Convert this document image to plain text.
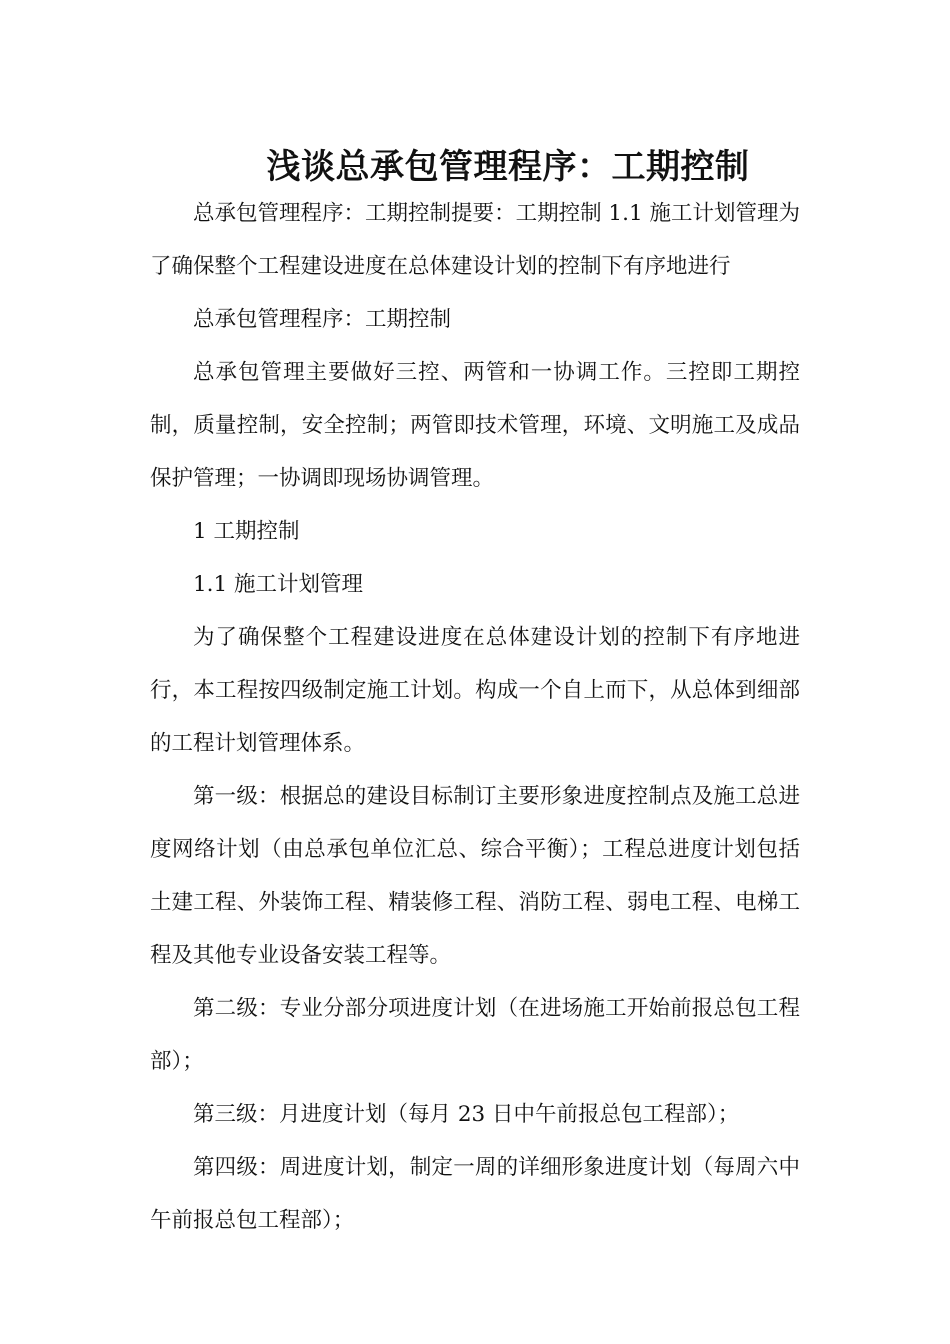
浅谈总承包管理程序：工期控制

总承包管理程序：工期控制提要：工期控制 1.1 施工计划管理为了确保整个工程建设进度在总体建设计划的控制下有序地进行

总承包管理程序：工期控制

总承包管理主要做好三控、两管和一协调工作。三控即工期控制，质量控制，安全控制；两管即技术管理，环境、文明施工及成品保护管理；一协调即现场协调管理。

1 工期控制

1.1 施工计划管理

为了确保整个工程建设进度在总体建设计划的控制下有序地进行，本工程按四级制定施工计划。构成一个自上而下，从总体到细部的工程计划管理体系。

第一级：根据总的建设目标制订主要形象进度控制点及施工总进度网络计划（由总承包单位汇总、综合平衡）；工程总进度计划包括土建工程、外装饰工程、精装修工程、消防工程、弱电工程、电梯工程及其他专业设备安装工程等。

第二级：专业分部分项进度计划（在进场施工开始前报总包工程部）；

第三级：月进度计划（每月 23 日中午前报总包工程部）；

第四级：周进度计划，制定一周的详细形象进度计划（每周六中午前报总包工程部）；
